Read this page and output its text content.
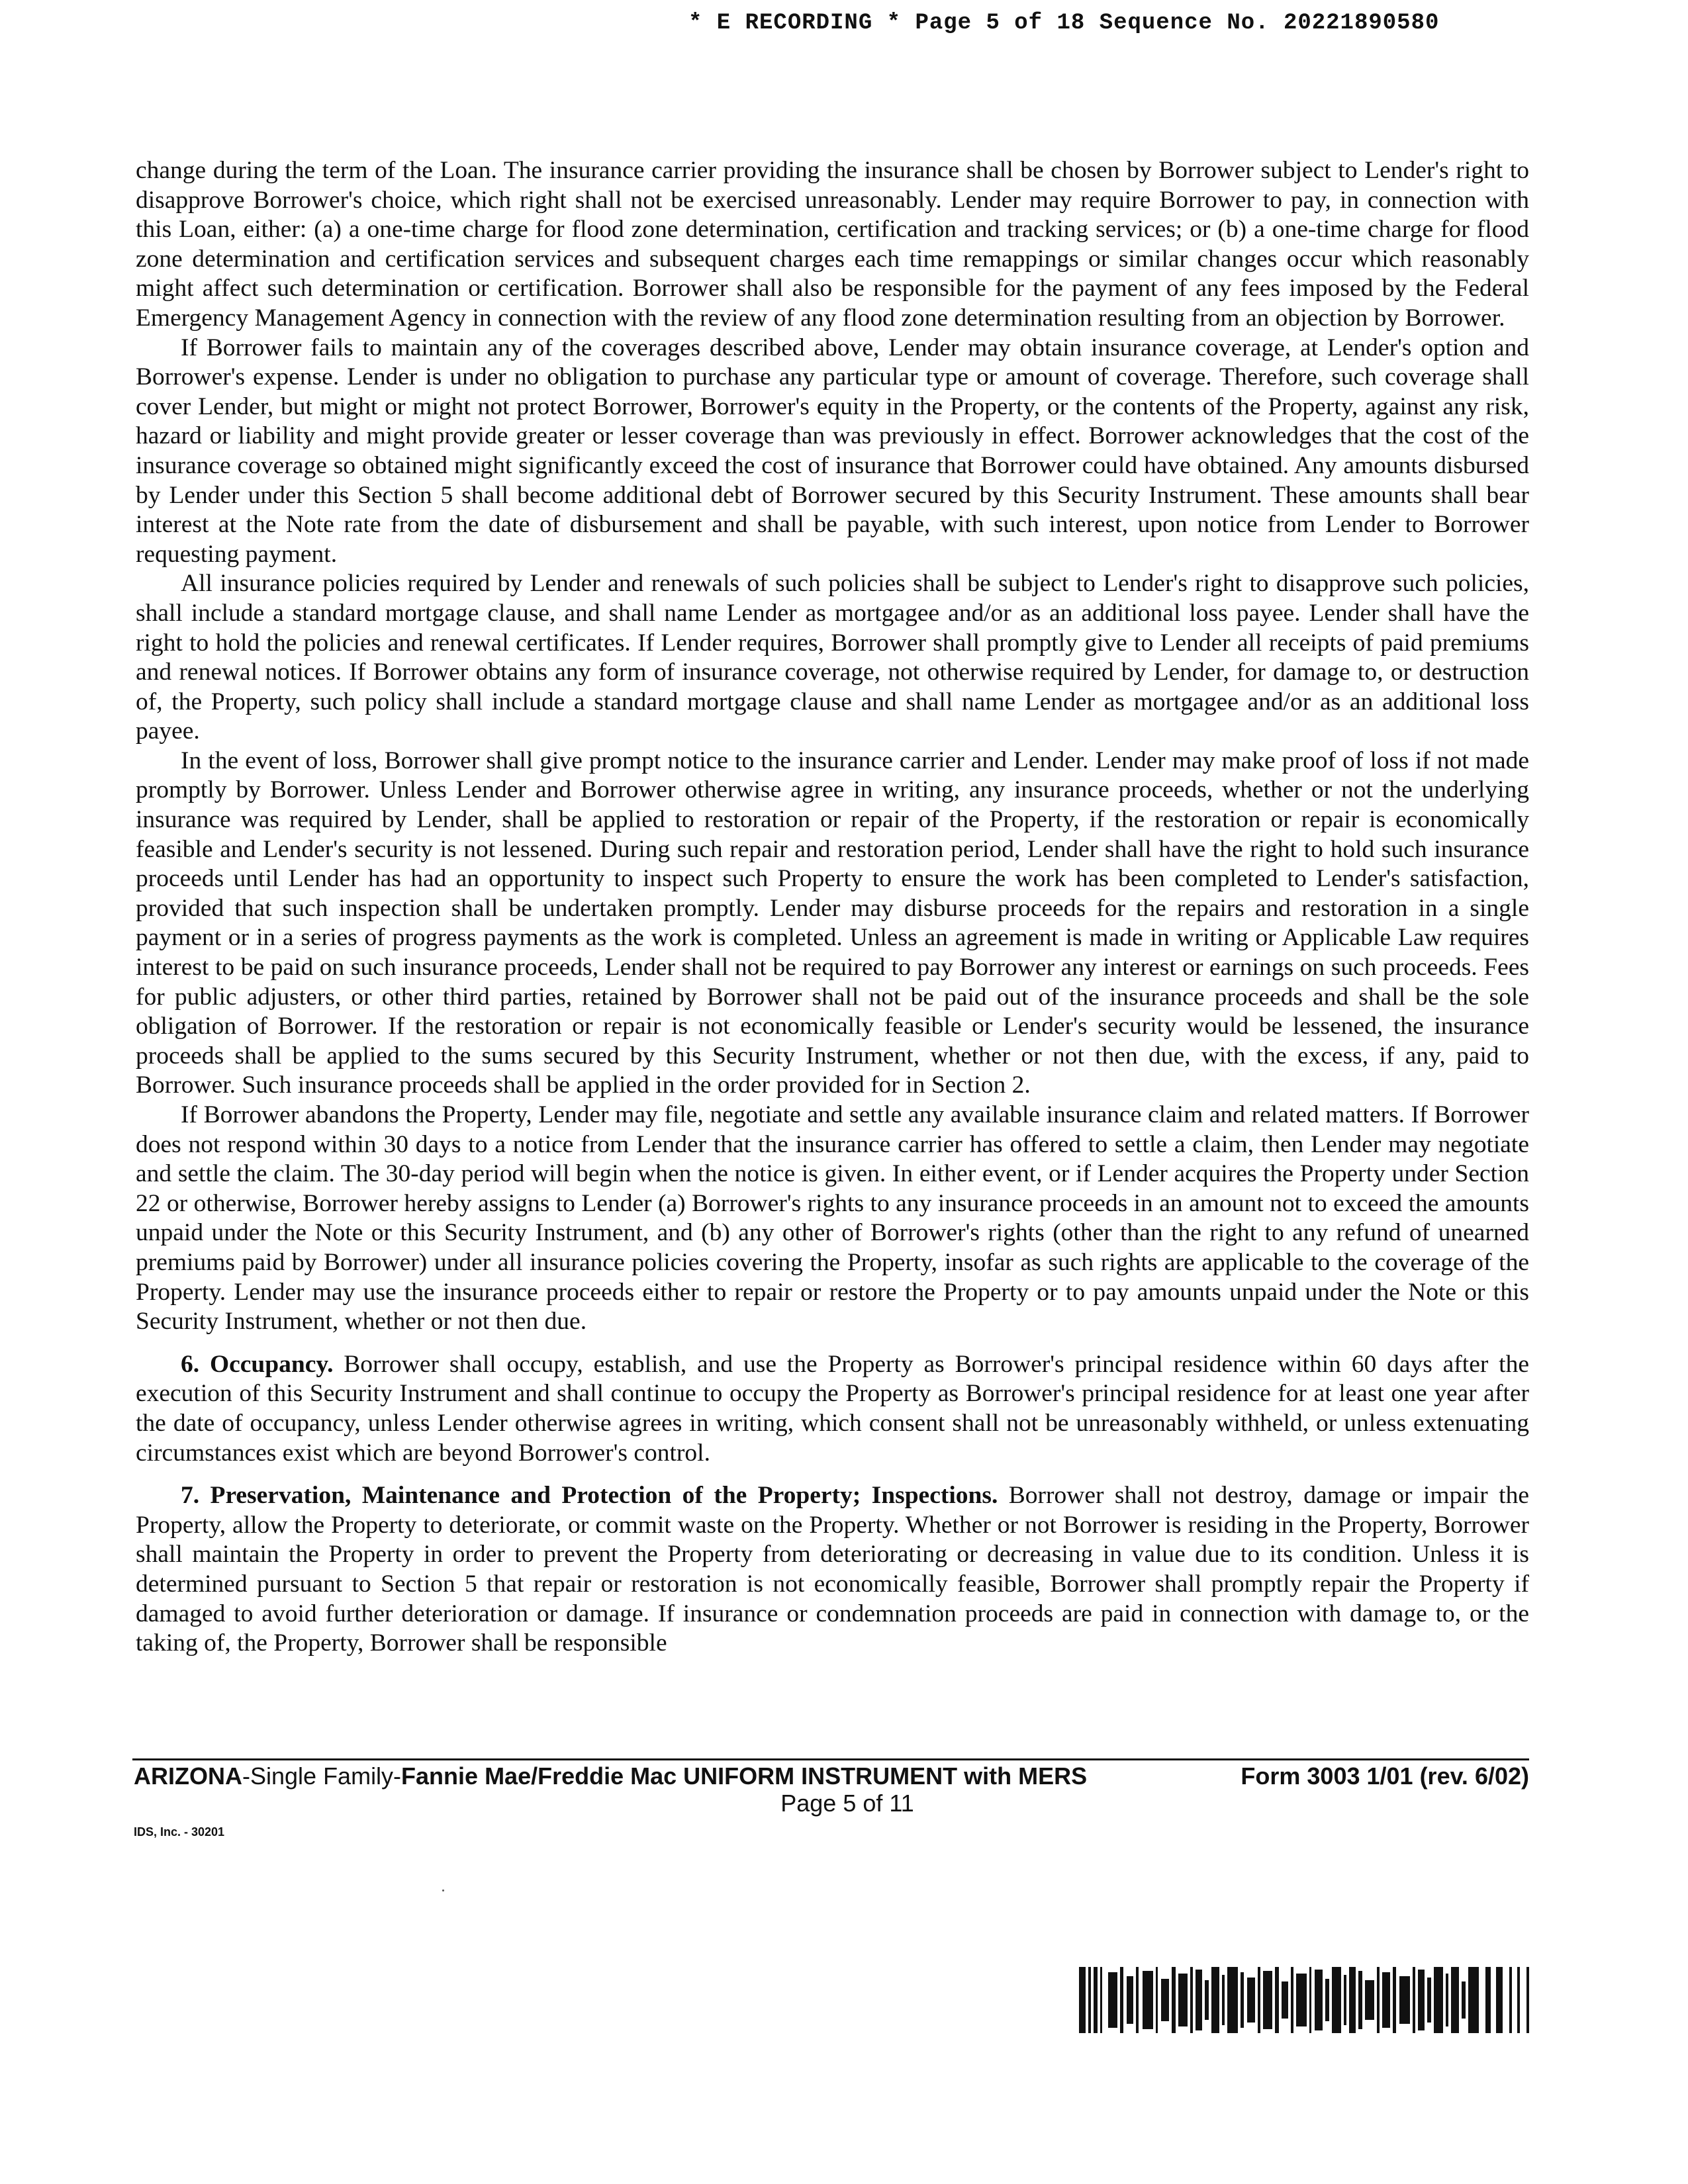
* E RECORDING * Page 5 of 18 Sequence No. 20221890580

change during the term of the Loan. The insurance carrier providing the insurance shall be chosen by Borrower subject to Lender's right to disapprove Borrower's choice, which right shall not be exercised unreasonably. Lender may require Borrower to pay, in connection with this Loan, either: (a) a one-time charge for flood zone determination, certification and tracking services; or (b) a one-time charge for flood zone determination and certification services and subsequent charges each time remappings or similar changes occur which reasonably might affect such determination or certification. Borrower shall also be responsible for the payment of any fees imposed by the Federal Emergency Management Agency in connection with the review of any flood zone determination resulting from an objection by Borrower.

If Borrower fails to maintain any of the coverages described above, Lender may obtain insurance coverage, at Lender's option and Borrower's expense. Lender is under no obligation to purchase any particular type or amount of coverage. Therefore, such coverage shall cover Lender, but might or might not protect Borrower, Borrower's equity in the Property, or the contents of the Property, against any risk, hazard or liability and might provide greater or lesser coverage than was previously in effect. Borrower acknowledges that the cost of the insurance coverage so obtained might significantly exceed the cost of insurance that Borrower could have obtained. Any amounts disbursed by Lender under this Section 5 shall become additional debt of Borrower secured by this Security Instrument. These amounts shall bear interest at the Note rate from the date of disbursement and shall be payable, with such interest, upon notice from Lender to Borrower requesting payment.

All insurance policies required by Lender and renewals of such policies shall be subject to Lender's right to disapprove such policies, shall include a standard mortgage clause, and shall name Lender as mortgagee and/or as an additional loss payee. Lender shall have the right to hold the policies and renewal certificates. If Lender requires, Borrower shall promptly give to Lender all receipts of paid premiums and renewal notices. If Borrower obtains any form of insurance coverage, not otherwise required by Lender, for damage to, or destruction of, the Property, such policy shall include a standard mortgage clause and shall name Lender as mortgagee and/or as an additional loss payee.

In the event of loss, Borrower shall give prompt notice to the insurance carrier and Lender. Lender may make proof of loss if not made promptly by Borrower. Unless Lender and Borrower otherwise agree in writing, any insurance proceeds, whether or not the underlying insurance was required by Lender, shall be applied to restoration or repair of the Property, if the restoration or repair is economically feasible and Lender's security is not lessened. During such repair and restoration period, Lender shall have the right to hold such insurance proceeds until Lender has had an opportunity to inspect such Property to ensure the work has been completed to Lender's satisfaction, provided that such inspection shall be undertaken promptly. Lender may disburse proceeds for the repairs and restoration in a single payment or in a series of progress payments as the work is completed. Unless an agreement is made in writing or Applicable Law requires interest to be paid on such insurance proceeds, Lender shall not be required to pay Borrower any interest or earnings on such proceeds. Fees for public adjusters, or other third parties, retained by Borrower shall not be paid out of the insurance proceeds and shall be the sole obligation of Borrower. If the restoration or repair is not economically feasible or Lender's security would be lessened, the insurance proceeds shall be applied to the sums secured by this Security Instrument, whether or not then due, with the excess, if any, paid to Borrower. Such insurance proceeds shall be applied in the order provided for in Section 2.

If Borrower abandons the Property, Lender may file, negotiate and settle any available insurance claim and related matters. If Borrower does not respond within 30 days to a notice from Lender that the insurance carrier has offered to settle a claim, then Lender may negotiate and settle the claim. The 30-day period will begin when the notice is given. In either event, or if Lender acquires the Property under Section 22 or otherwise, Borrower hereby assigns to Lender (a) Borrower's rights to any insurance proceeds in an amount not to exceed the amounts unpaid under the Note or this Security Instrument, and (b) any other of Borrower's rights (other than the right to any refund of unearned premiums paid by Borrower) under all insurance policies covering the Property, insofar as such rights are applicable to the coverage of the Property. Lender may use the insurance proceeds either to repair or restore the Property or to pay amounts unpaid under the Note or this Security Instrument, whether or not then due.

6. Occupancy. Borrower shall occupy, establish, and use the Property as Borrower's principal residence within 60 days after the execution of this Security Instrument and shall continue to occupy the Property as Borrower's principal residence for at least one year after the date of occupancy, unless Lender otherwise agrees in writing, which consent shall not be unreasonably withheld, or unless extenuating circumstances exist which are beyond Borrower's control.

7. Preservation, Maintenance and Protection of the Property; Inspections. Borrower shall not destroy, damage or impair the Property, allow the Property to deteriorate, or commit waste on the Property. Whether or not Borrower is residing in the Property, Borrower shall maintain the Property in order to prevent the Property from deteriorating or decreasing in value due to its condition. Unless it is determined pursuant to Section 5 that repair or restoration is not economically feasible, Borrower shall promptly repair the Property if damaged to avoid further deterioration or damage. If insurance or condemnation proceeds are paid in connection with damage to, or the taking of, the Property, Borrower shall be responsible

ARIZONA-Single Family-Fannie Mae/Freddie Mac UNIFORM INSTRUMENT with MERS	Form 3003 1/01 (rev. 6/02)
Page 5 of 11
IDS, Inc. - 30201
